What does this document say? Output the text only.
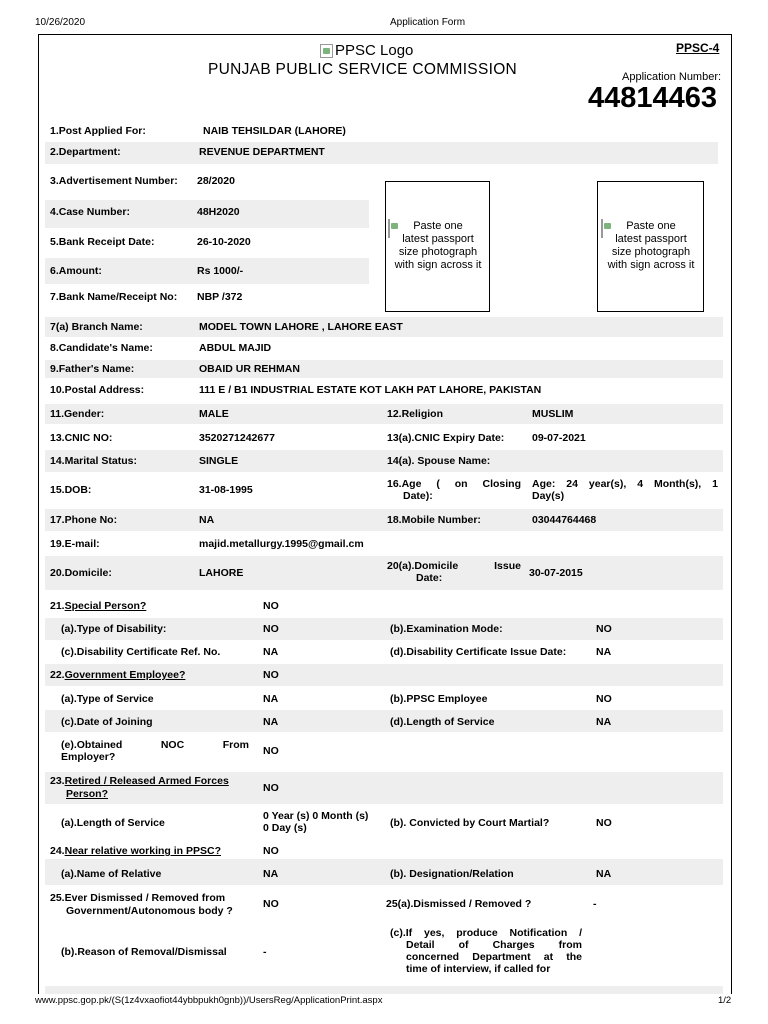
10/26/2020	Application Form
PPSC Logo
PUNJAB PUBLIC SERVICE COMMISSION
PPSC-4
Application Number:
44814463
Paste one
latest passport
size photograph
with sign across it
Paste one
latest passport
size photograph
with sign across it
1.Post Applied For:	NAIB TEHSILDAR (LAHORE)
2.Department:	REVENUE DEPARTMENT
3.Advertisement Number: 28/2020
4.Case Number:	48H2020
5.Bank Receipt Date:	26-10-2020
6.Amount:	Rs 1000/-
7.Bank Name/Receipt No: NBP /372
7(a) Branch Name:	MODEL TOWN LAHORE , LAHORE EAST
8.Candidate's Name:	ABDUL MAJID
9.Father's Name:	OBAID UR REHMAN
10.Postal Address:	111 E / B1 INDUSTRIAL ESTATE KOT LAKH PAT LAHORE, PAKISTAN
11.Gender:	MALE	12.Religion	MUSLIM
13.CNIC NO:	3520271242677	13(a).CNIC Expiry Date:	09-07-2021
14.Marital Status:	SINGLE	14(a). Spouse Name:
15.DOB:	31-08-1995	16.Age ( on Closing
Date):
Age: 24 year(s), 4 Month(s), 1
Day(s)
17.Phone No:	NA	18.Mobile Number:	03044764468
19.E-mail:	majid.metallurgy.1995@gmail.cm
20.Domicile:	LAHORE
20(a).Domicile Issue
Date:	30-07-2015
21.Special Person?	NO
(a).Type of Disability:	NO	(b).Examination Mode:	NO
(c).Disability Certificate Ref. No.	NA	(d).Disability Certificate Issue Date:	NA
22.Government Employee?	NO
(a).Type of Service	NA	(b).PPSC Employee	NO
(c).Date of Joining	NA	(d).Length of Service	NA
(e).Obtained NOC From
Employer?	NO
23.Retired / Released Armed Forces
Person?	NO
(a).Length of Service
0 Year (s) 0 Month (s)
0 Day (s)	(b). Convicted by Court Martial?	NO
24.Near relative working in PPSC?	NO
(a).Name of Relative	NA	(b). Designation/Relation	NA
25.Ever Dismissed / Removed from
Government/Autonomous body ?
NO	25(a).Dismissed / Removed ?	-
(b).Reason of Removal/Dismissal	-
(c).If yes, produce Notification /
Detail of Charges from
concerned Department at the
time of interview, if called for
www.ppsc.gop.pk/(S(1z4vxaofiot44ybbpukh0gnb))/UsersReg/ApplicationPrint.aspx	1/2
